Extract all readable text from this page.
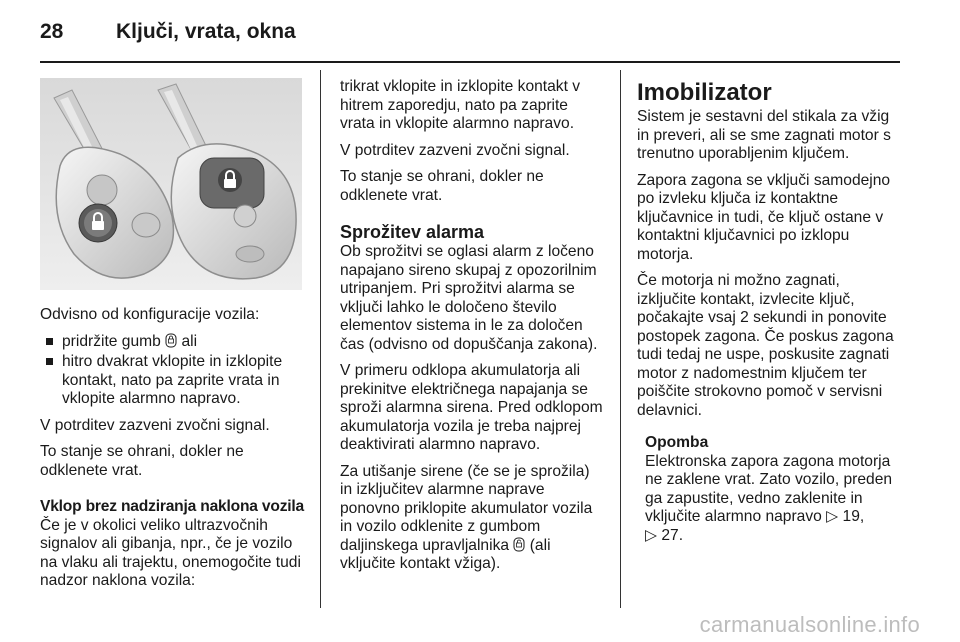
28	Ključi, vrata, okna

Odvisno od konfiguracije vozila:

pridržite gumb ali
hitro dvakrat vklopite in izklopite kontakt, nato pa zaprite vrata in vklopite alarmno napravo.

V potrditev zazveni zvočni signal.

To stanje se ohrani, dokler ne odklenete vrat.

Vklop brez nadziranja naklona vozila

Če je v okolici veliko ultrazvočnih signalov ali gibanja, npr., če je vozilo na vlaku ali trajektu, onemogočite tudi nadzor naklona vozila:

trikrat vklopite in izklopite kontakt v hitrem zaporedju, nato pa zaprite vrata in vklopite alarmno napravo.

V potrditev zazveni zvočni signal.

To stanje se ohrani, dokler ne odklenete vrat.

Sprožitev alarma

Ob sprožitvi se oglasi alarm z ločeno napajano sireno skupaj z opozorilnim utripanjem. Pri sprožitvi alarma se vključi lahko le določeno število elementov sistema in le za določen čas (odvisno od dopuščanja zakona).

V primeru odklopa akumulatorja ali prekinitve električnega napajanja se sproži alarmna sirena. Pred odklopom akumulatorja vozila je treba najprej deaktivirati alarmno napravo.

Za utišanje sirene (če se je sprožila) in izključitev alarmne naprave ponovno priklopite akumulator vozila in vozilo odklenite z gumbom daljinskega upravljalnika (ali vključite kontakt vžiga).

Imobilizator

Sistem je sestavni del stikala za vžig in preveri, ali se sme zagnati motor s trenutno uporabljenim ključem.

Zapora zagona se vključi samodejno po izvleku ključa iz kontaktne ključavnice in tudi, če ključ ostane v kontaktni ključavnici po izklopu motorja.

Če motorja ni možno zagnati, izključite kontakt, izvlecite ključ, počakajte vsaj 2 sekundi in ponovite postopek zagona. Če poskus zagona tudi tedaj ne uspe, poskusite zagnati motor z nadomestnim ključem ter poiščite strokovno pomoč v servisni delavnici.

Opomba

Elektronska zapora zagona motorja ne zaklene vrat. Zato vozilo, preden ga zapustite, vedno zaklenite in vključite alarmno napravo ▷ 19,
▷ 27.

carmanualsonline.info
